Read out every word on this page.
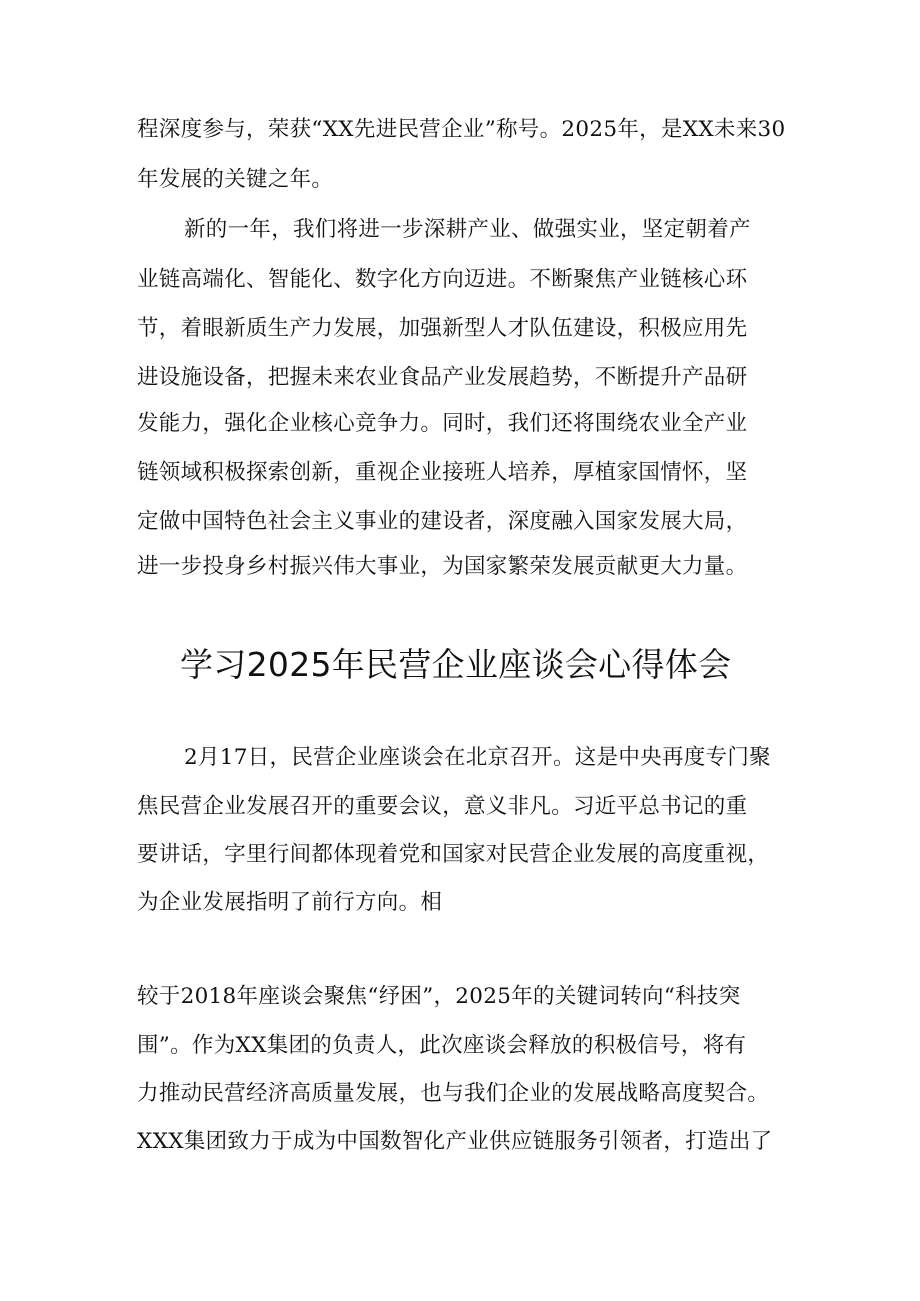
程深度参与，荣获“XX先进民营企业”称号。2025年，是XX未来30

年发展的关键之年。

新的一年，我们将进一步深耕产业、做强实业，坚定朝着产

业链高端化、智能化、数字化方向迈进。不断聚焦产业链核心环

节，着眼新质生产力发展，加强新型人才队伍建设，积极应用先

进设施设备，把握未来农业食品产业发展趋势，不断提升产品研

发能力，强化企业核心竞争力。同时，我们还将围绕农业全产业

链领域积极探索创新，重视企业接班人培养，厚植家国情怀，坚

定做中国特色社会主义事业的建设者，深度融入国家发展大局，

进一步投身乡村振兴伟大事业，为国家繁荣发展贡献更大力量。

学习2025年民营企业座谈会心得体会

2月17日，民营企业座谈会在北京召开。这是中央再度专门聚

焦民营企业发展召开的重要会议，意义非凡。习近平总书记的重

要讲话，字里行间都体现着党和国家对民营企业发展的高度重视，

为企业发展指明了前行方向。相

较于2018年座谈会聚焦“纾困”，2025年的关键词转向“科技突

围”。作为XX集团的负责人，此次座谈会释放的积极信号，将有

力推动民营经济高质量发展，也与我们企业的发展战略高度契合。

XXX集团致力于成为中国数智化产业供应链服务引领者，打造出了
